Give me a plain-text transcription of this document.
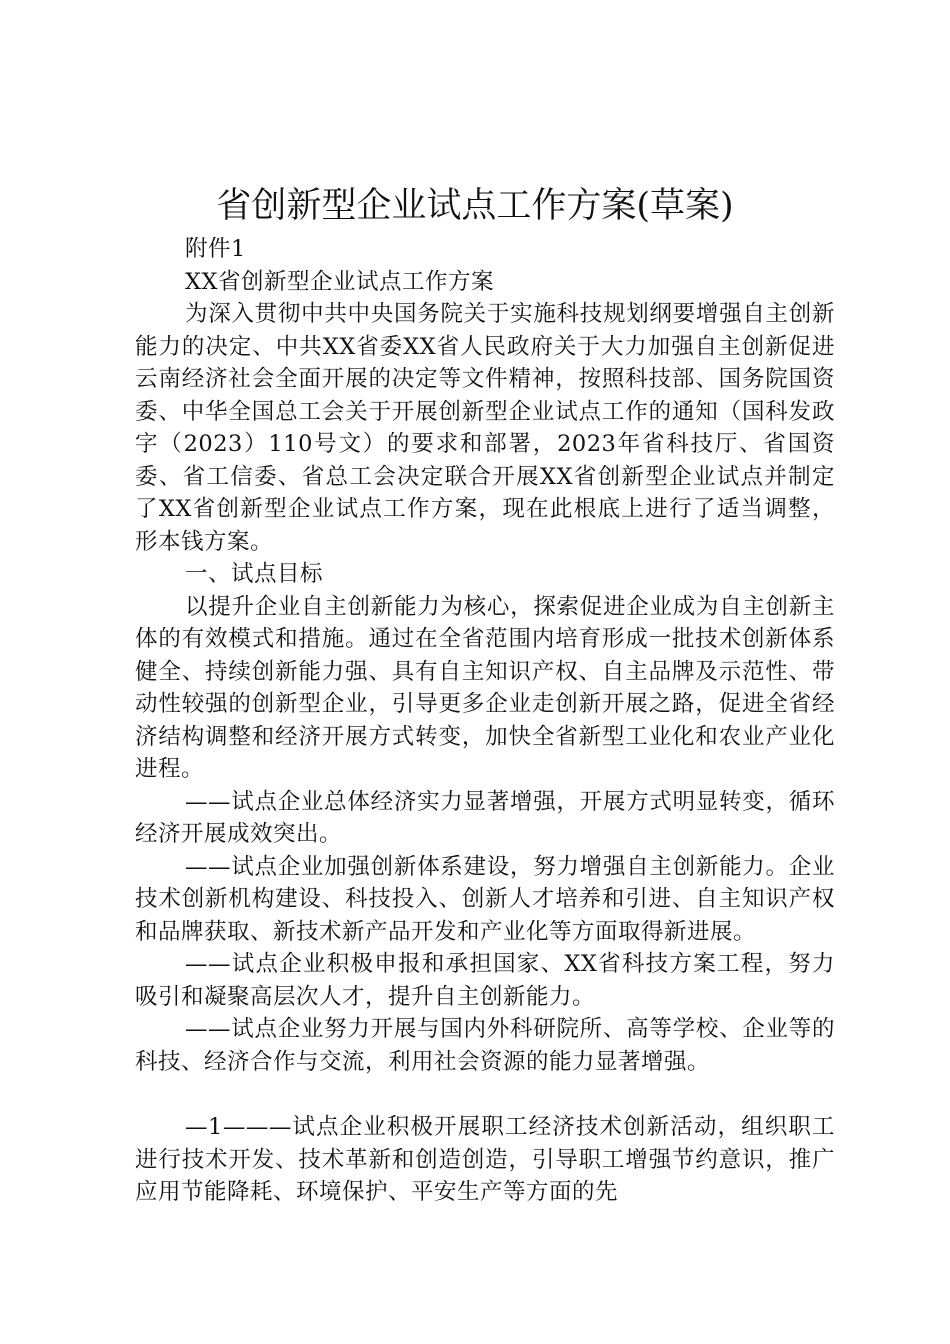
省创新型企业试点工作方案(草案)

附件1

XX省创新型企业试点工作方案

为深入贯彻中共中央国务院关于实施科技规划纲要增强自主创新能力的决定、中共XX省委XX省人民政府关于大力加强自主创新促进云南经济社会全面开展的决定等文件精神，按照科技部、国务院国资委、中华全国总工会关于开展创新型企业试点工作的通知（国科发政字（2023）110号文）的要求和部署，2023年省科技厅、省国资委、省工信委、省总工会决定联合开展XX省创新型企业试点并制定了XX省创新型企业试点工作方案，现在此根底上进行了适当调整，形本钱方案。

一、试点目标

以提升企业自主创新能力为核心，探索促进企业成为自主创新主体的有效模式和措施。通过在全省范围内培育形成一批技术创新体系健全、持续创新能力强、具有自主知识产权、自主品牌及示范性、带动性较强的创新型企业，引导更多企业走创新开展之路，促进全省经济结构调整和经济开展方式转变，加快全省新型工业化和农业产业化进程。

——试点企业总体经济实力显著增强，开展方式明显转变，循环经济开展成效突出。

——试点企业加强创新体系建设，努力增强自主创新能力。企业技术创新机构建设、科技投入、创新人才培养和引进、自主知识产权和品牌获取、新技术新产品开发和产业化等方面取得新进展。

——试点企业积极申报和承担国家、XX省科技方案工程，努力吸引和凝聚高层次人才，提升自主创新能力。

——试点企业努力开展与国内外科研院所、高等学校、企业等的科技、经济合作与交流，利用社会资源的能力显著增强。

—1———试点企业积极开展职工经济技术创新活动，组织职工进行技术开发、技术革新和创造创造，引导职工增强节约意识，推广应用节能降耗、环境保护、平安生产等方面的先
